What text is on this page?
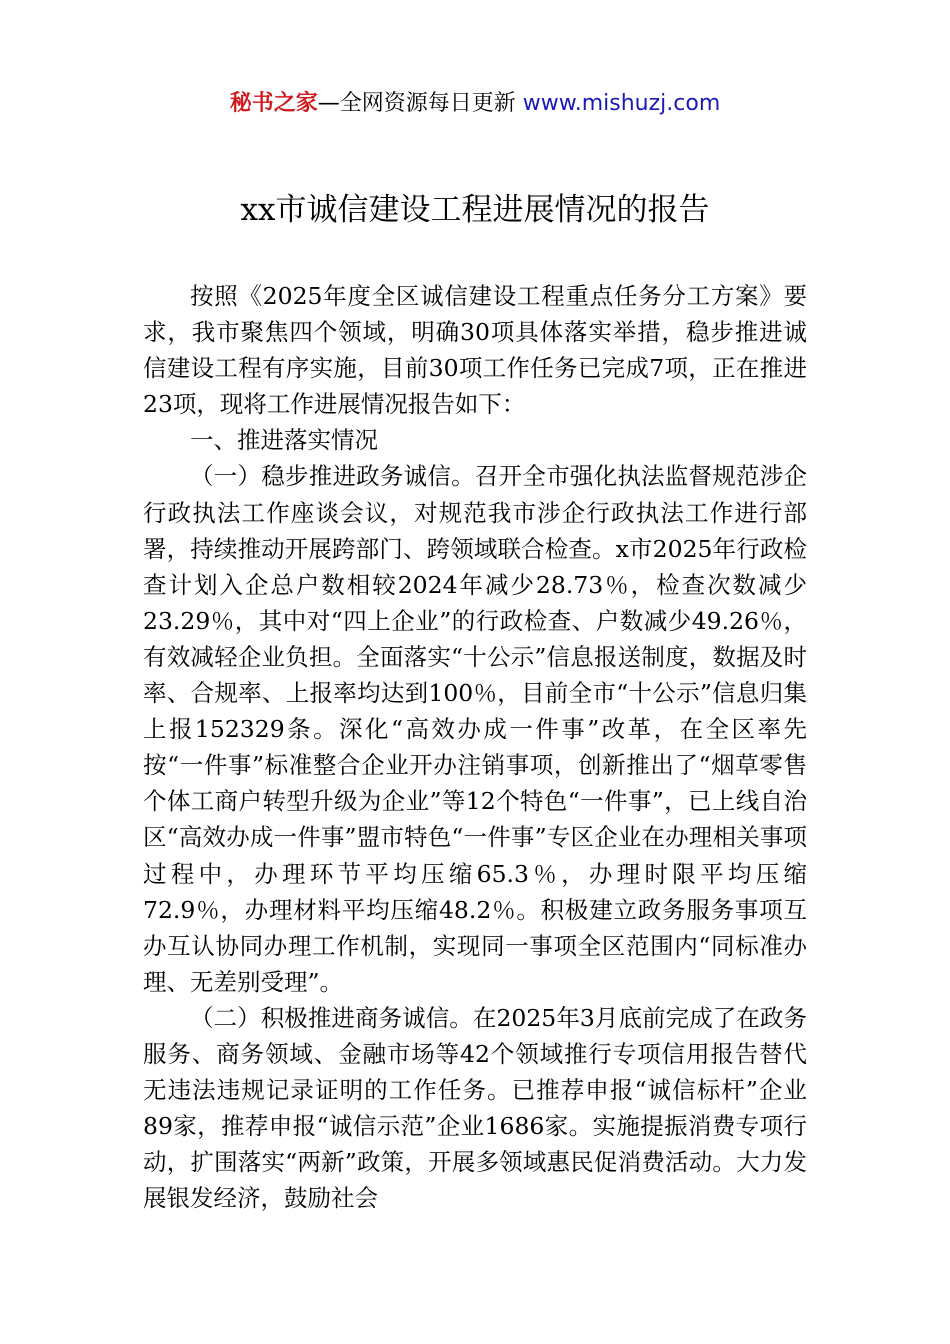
秘书之家—全网资源每日更新 www.mishuzj.com
xx市诚信建设工程进展情况的报告

按照《2025年度全区诚信建设工程重点任务分工方案》要求，我市聚焦四个领域，明确30项具体落实举措，稳步推进诚信建设工程有序实施，目前30项工作任务已完成7项，正在推进23项，现将工作进展情况报告如下：

一、推进落实情况

（一）稳步推进政务诚信。召开全市强化执法监督规范涉企行政执法工作座谈会议，对规范我市涉企行政执法工作进行部署，持续推动开展跨部门、跨领域联合检查。x市2025年行政检查计划入企总户数相较2024年减少28.73％，检查次数减少23.29％，其中对“四上企业”的行政检查、户数减少49.26％，有效减轻企业负担。全面落实“十公示”信息报送制度，数据及时率、合规率、上报率均达到100％，目前全市“十公示”信息归集上报152329条。深化“高效办成一件事”改革，在全区率先按“一件事”标准整合企业开办注销事项，创新推出了“烟草零售个体工商户转型升级为企业”等12个特色“一件事”，已上线自治区“高效办成一件事”盟市特色“一件事”专区企业在办理相关事项过程中，办理环节平均压缩65.3％，办理时限平均压缩72.9％，办理材料平均压缩48.2％。积极建立政务服务事项互办互认协同办理工作机制，实现同一事项全区范围内“同标准办理、无差别受理”。

（二）积极推进商务诚信。在2025年3月底前完成了在政务服务、商务领域、金融市场等42个领域推行专项信用报告替代无违法违规记录证明的工作任务。已推荐申报“诚信标杆”企业89家，推荐申报“诚信示范”企业1686家。实施提振消费专项行动，扩围落实“两新”政策，开展多领域惠民促消费活动。大力发展银发经济，鼓励社会
